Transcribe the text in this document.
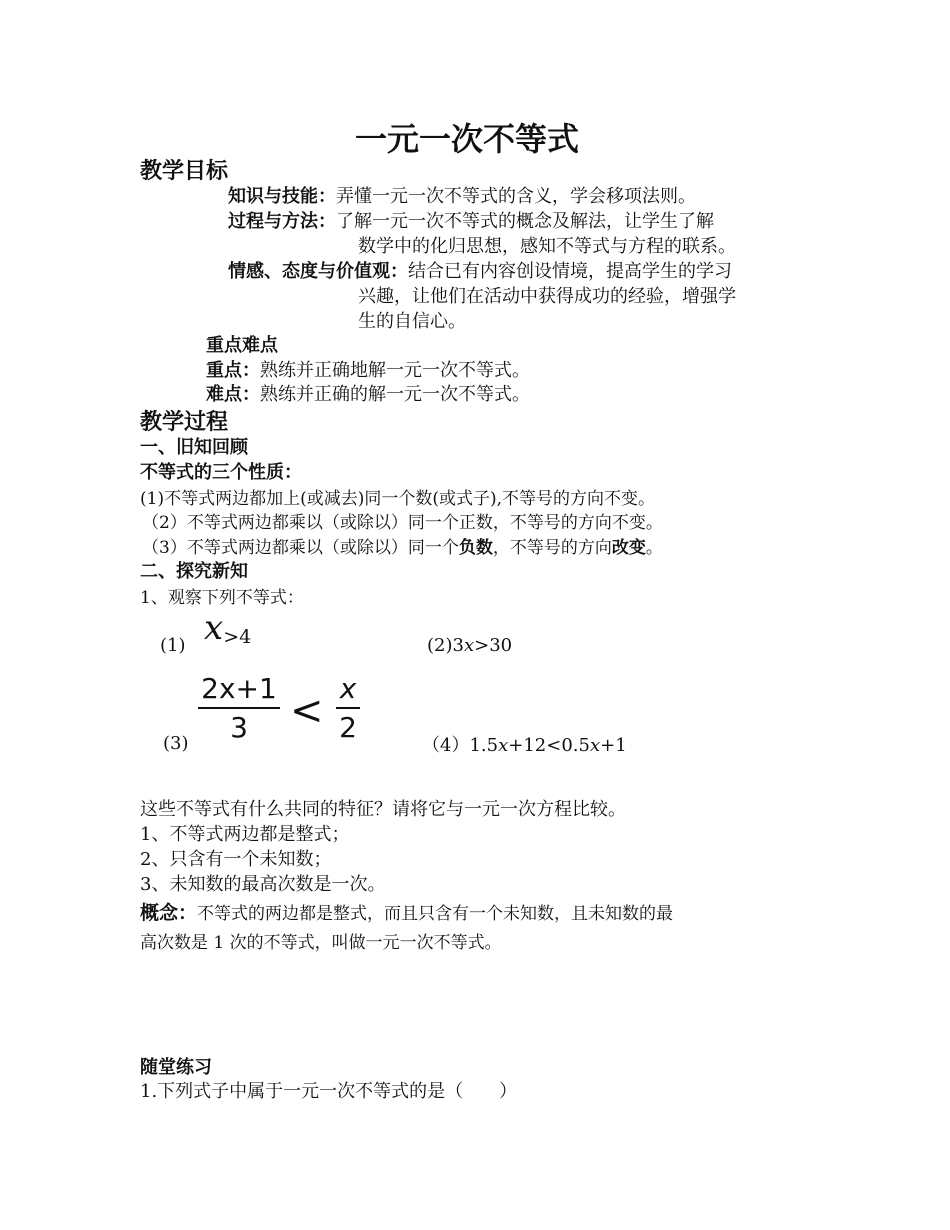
一元一次不等式
教学目标
知识与技能：弄懂一元一次不等式的含义，学会移项法则。
过程与方法：了解一元一次不等式的概念及解法，让学生了解
数学中的化归思想，感知不等式与方程的联系。
情感、态度与价值观：结合已有内容创设情境，提高学生的学习
兴趣，让他们在活动中获得成功的经验，增强学
生的自信心。
重点难点
重点：熟练并正确地解一元一次不等式。
难点：熟练并正确的解一元一次不等式。
教学过程
一、旧知回顾
不等式的三个性质：
(1)不等式两边都加上(或减去)同一个数(或式子),不等号的方向不变。
（2）不等式两边都乘以（或除以）同一个正数，不等号的方向不变。
（3）不等式两边都乘以（或除以）同一个负数，不等号的方向改变。
二、探究新知
1、观察下列不等式：
(1) x>4	(2)3x>30
(3)
2x+1
3	< x
2
（4）1.5x+12<0.5x+1
这些不等式有什么共同的特征？请将它与一元一次方程比较。
1、不等式两边都是整式；
2、只含有一个未知数；
3、未知数的最高次数是一次。
概念：不等式的两边都是整式，而且只含有一个未知数，且未知数的最
高次数是 1 次的不等式，叫做一元一次不等式。
随堂练习
1.下列式子中属于一元一次不等式的是（　　）
